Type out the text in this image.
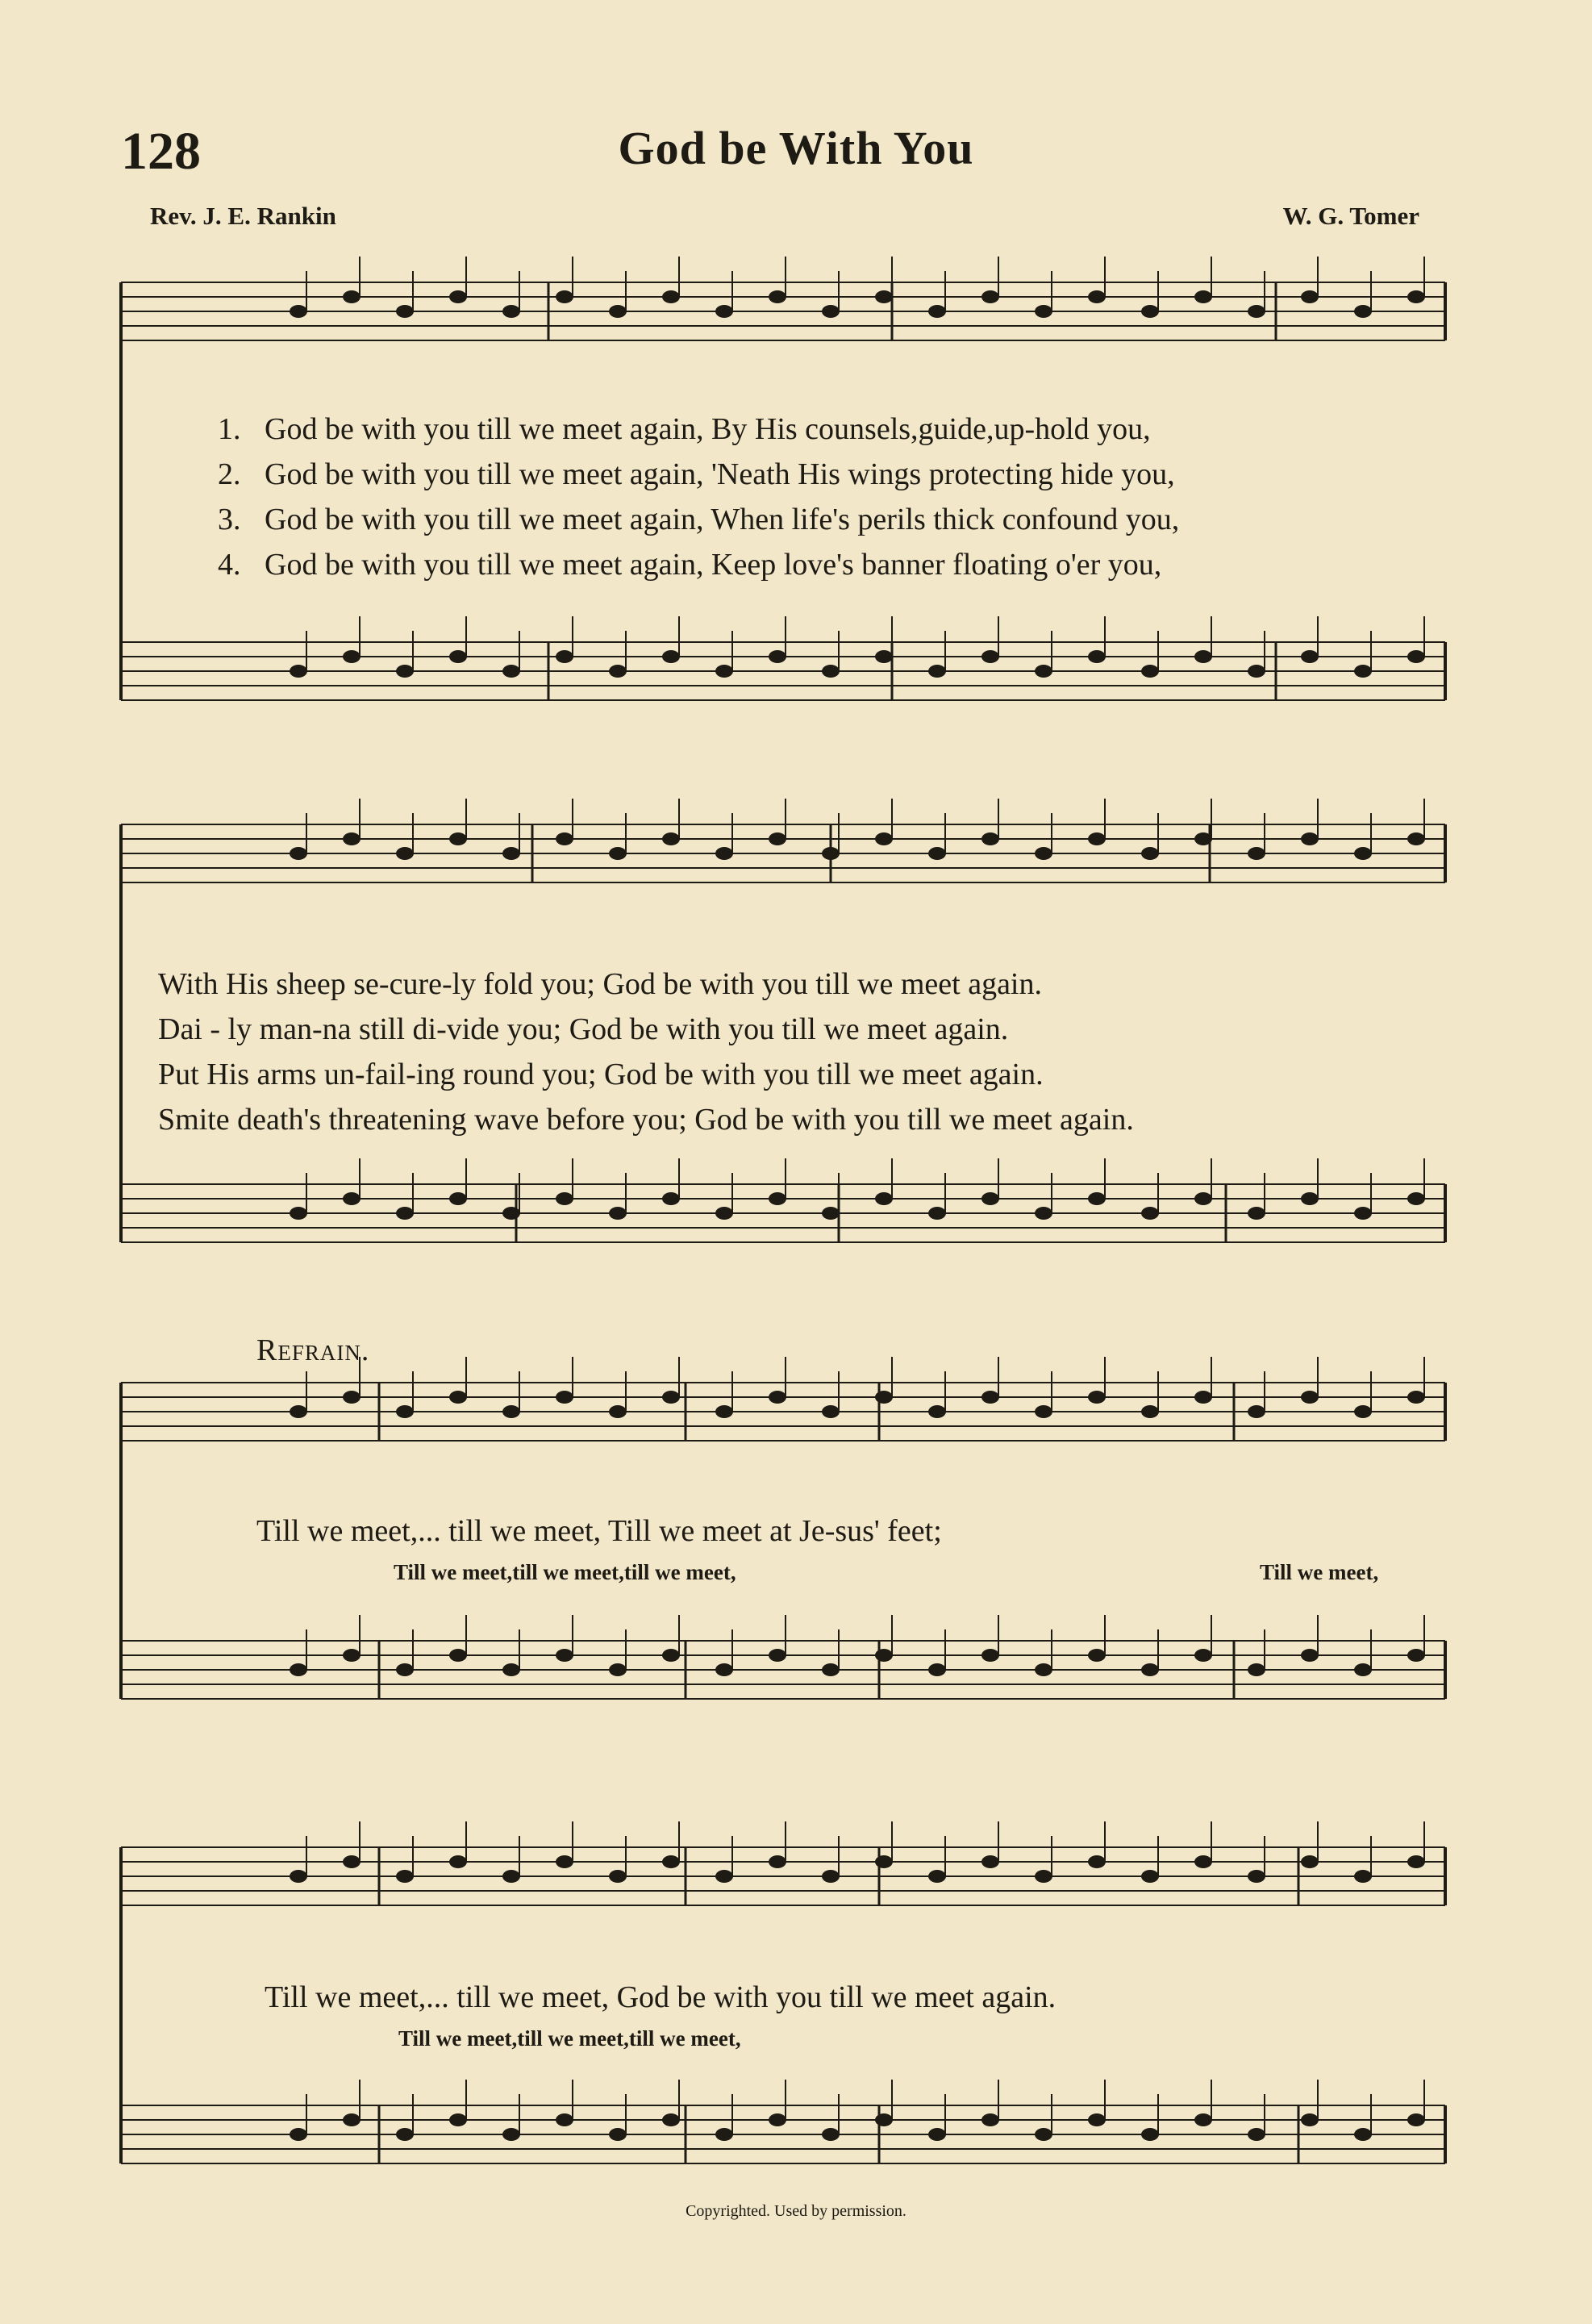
128	God be With You
Rev. J. E. Rankin	W. G. Tomer
1. God be with you till we meet again, By His counsels,guide,up-hold you,
2. God be with you till we meet again, 'Neath His wings protecting hide you,
3. God be with you till we meet again, When life's perils thick confound you,
4. God be with you till we meet again, Keep love's banner floating o'er you,
With His sheep se-cure-ly fold you; God be with you till we meet again.
Dai - ly man-na still di-vide you; God be with you till we meet again.
Put His arms un-fail-ing round you; God be with you till we meet again.
Smite death's threatening wave before you; God be with you till we meet again.
Refrain.
Till we meet,... till we meet, Till we meet at Je-sus' feet;
Till we meet,till we meet,till we meet,	Till we meet,
Till we meet,... till we meet, God be with you till we meet again.
Till we meet,till we meet,till we meet,
Copyrighted. Used by permission.
